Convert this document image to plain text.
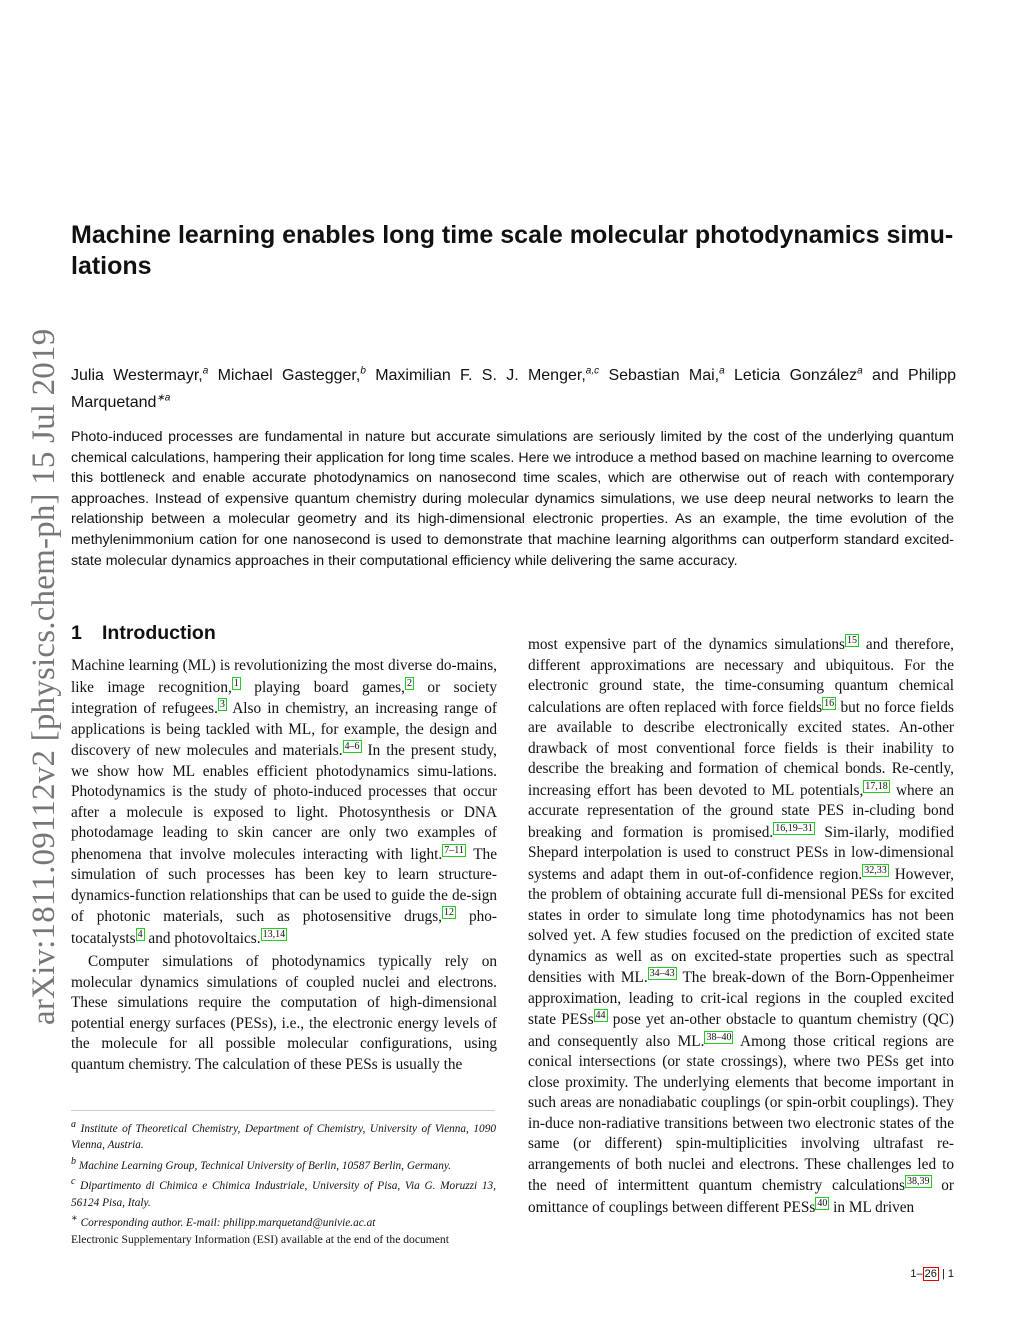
arXiv:1811.09112v2 [physics.chem-ph] 15 Jul 2019
Machine learning enables long time scale molecular photodynamics simu-lations
Julia Westermayr,$^a$ Michael Gastegger,$^b$ Maximilian F. S. J. Menger,$^{a,c}$ Sebastian Mai,$^a$ Leticia González$^a$ and Philipp Marquetand$^{∗a}$

Photo-induced processes are fundamental in nature but accurate simulations are seriously limited by the cost of the underlying quantum chemical calculations, hampering their application for long time scales. Here we introduce a method based on machine learning to overcome this bottleneck and enable accurate photodynamics on nanosecond time scales, which are otherwise out of reach with contemporary approaches. Instead of expensive quantum chemistry during molecular dynamics simulations, we use deep neural networks to learn the relationship between a molecular geometry and its high-dimensional electronic properties. As an example, the time evolution of the methylenimmonium cation for one nanosecond is used to demonstrate that machine learning algorithms can outperform standard excited-state molecular dynamics approaches in their computational efficiency while delivering the same accuracy.

1 Introduction

Machine learning (ML) is revolutionizing the most diverse do-mains, like image recognition, 1 playing board games, 2 or society integration of refugees. 3 Also in chemistry, an increasing range of applications is being tackled with ML, for example, the design and discovery of new molecules and materials. 4–6 In the present study, we show how ML enables efficient photodynamics simu-lations. Photodynamics is the study of photo-induced processes that occur after a molecule is exposed to light. Photosynthesis or DNA photodamage leading to skin cancer are only two examples of phenomena that involve molecules interacting with light. 7–11 The simulation of such processes has been key to learn structure-dynamics-function relationships that can be used to guide the de-sign of photonic materials, such as photosensitive drugs, 12 pho-tocatalysts 4 and photovoltaics. 13,14

Computer simulations of photodynamics typically rely on molecular dynamics simulations of coupled nuclei and electrons. These simulations require the computation of high-dimensional potential energy surfaces (PESs), i.e., the electronic energy levels of the molecule for all possible molecular configurations, using quantum chemistry. The calculation of these PESs is usually the

most expensive part of the dynamics simulations 15 and therefore, different approximations are necessary and ubiquitous. For the electronic ground state, the time-consuming quantum chemical calculations are often replaced with force fields 16 but no force fields are available to describe electronically excited states. An-other drawback of most conventional force fields is their inability to describe the breaking and formation of chemical bonds. Re-cently, increasing effort has been devoted to ML potentials, 17,18 where an accurate representation of the ground state PES in-cluding bond breaking and formation is promised. 16,19–31 Sim-ilarly, modified Shepard interpolation is used to construct PESs in low-dimensional systems and adapt them in out-of-confidence region. 32,33 However, the problem of obtaining accurate full di-mensional PESs for excited states in order to simulate long time photodynamics has not been solved yet. A few studies focused on the prediction of excited state dynamics as well as on excited-state properties such as spectral densities with ML. 34–43 The break-down of the Born-Oppenheimer approximation, leading to crit-ical regions in the coupled excited state PESs 44 pose yet an-other obstacle to quantum chemistry (QC) and consequently also ML. 38–40 Among those critical regions are conical intersections (or state crossings), where two PESs get into close proximity. The underlying elements that become important in such areas are nonadiabatic couplings (or spin-orbit couplings). They in-duce non-radiative transitions between two electronic states of the same (or different) spin-multiplicities involving ultrafast re-arrangements of both nuclei and electrons. These challenges led to the need of intermittent quantum chemistry calculations 38,39 or omittance of couplings between different PESs 40 in ML driven

$^a$ Institute of Theoretical Chemistry, Department of Chemistry, University of Vienna, 1090 Vienna, Austria.
$^b$ Machine Learning Group, Technical University of Berlin, 10587 Berlin, Germany.
$^c$ Dipartimento di Chimica e Chimica Industriale, University of Pisa, Via G. Moruzzi 13, 56124 Pisa, Italy.
∗ Corresponding author. E-mail: philipp.marquetand@univie.ac.at
Electronic Supplementary Information (ESI) available at the end of the document
1– 26 | 1
